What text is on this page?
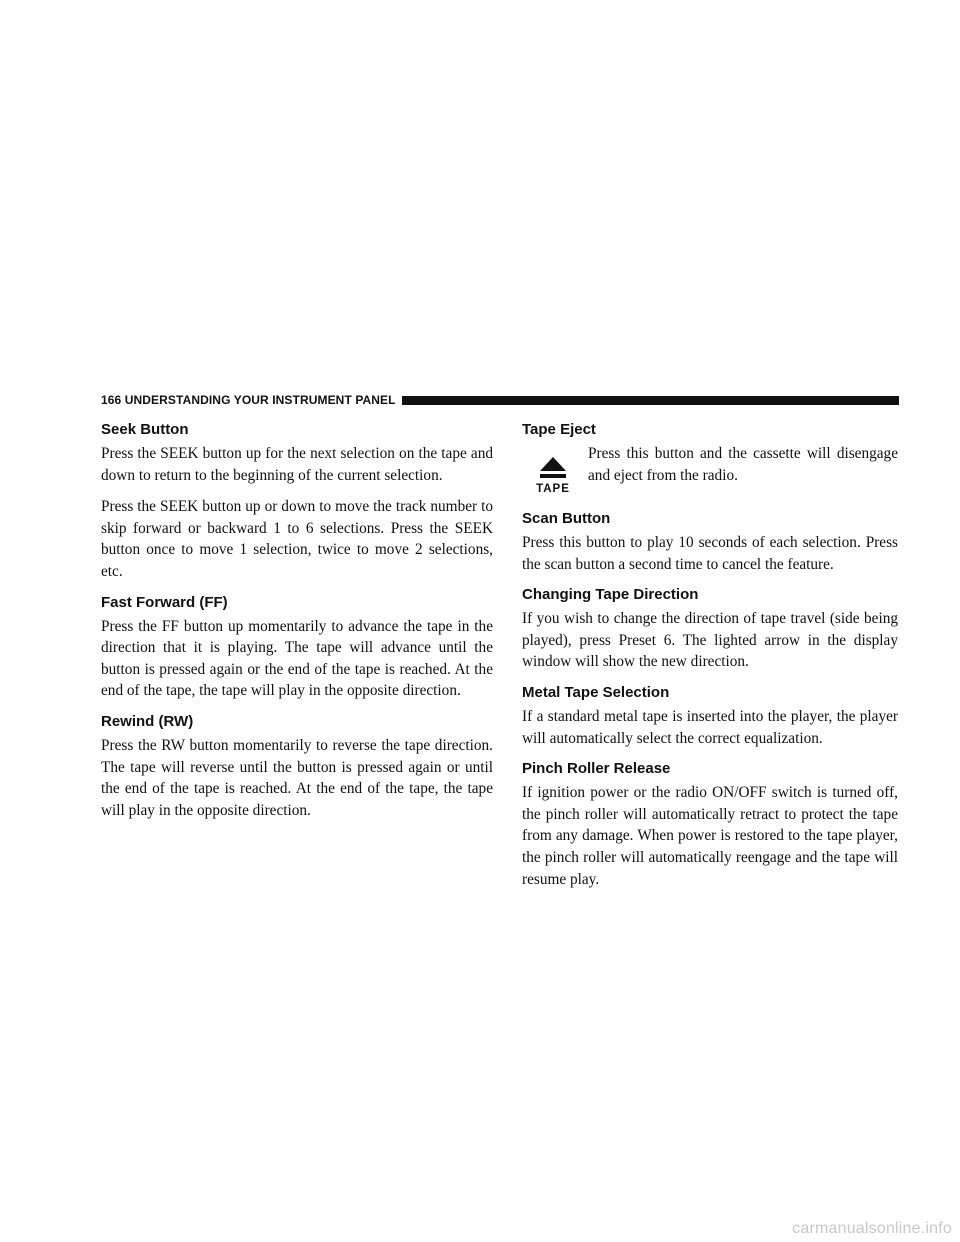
166 UNDERSTANDING YOUR INSTRUMENT PANEL
Seek Button

Press the SEEK button up for the next selection on the tape and down to return to the beginning of the current selection.

Press the SEEK button up or down to move the track number to skip forward or backward 1 to 6 selections. Press the SEEK button once to move 1 selection, twice to move 2 selections, etc.

Fast Forward (FF)

Press the FF button up momentarily to advance the tape in the direction that it is playing. The tape will advance until the button is pressed again or the end of the tape is reached. At the end of the tape, the tape will play in the opposite direction.

Rewind (RW)

Press the RW button momentarily to reverse the tape direction. The tape will reverse until the button is pressed again or until the end of the tape is reached. At the end of the tape, the tape will play in the opposite direction.

Tape Eject
TAPE

Press this button and the cassette will disengage and eject from the radio.

Scan Button

Press this button to play 10 seconds of each selection. Press the scan button a second time to cancel the feature.

Changing Tape Direction

If you wish to change the direction of tape travel (side being played), press Preset 6. The lighted arrow in the display window will show the new direction.

Metal Tape Selection

If a standard metal tape is inserted into the player, the player will automatically select the correct equalization.

Pinch Roller Release

If ignition power or the radio ON/OFF switch is turned off, the pinch roller will automatically retract to protect the tape from any damage. When power is restored to the tape player, the pinch roller will automatically reengage and the tape will resume play.

carmanualsonline.info
